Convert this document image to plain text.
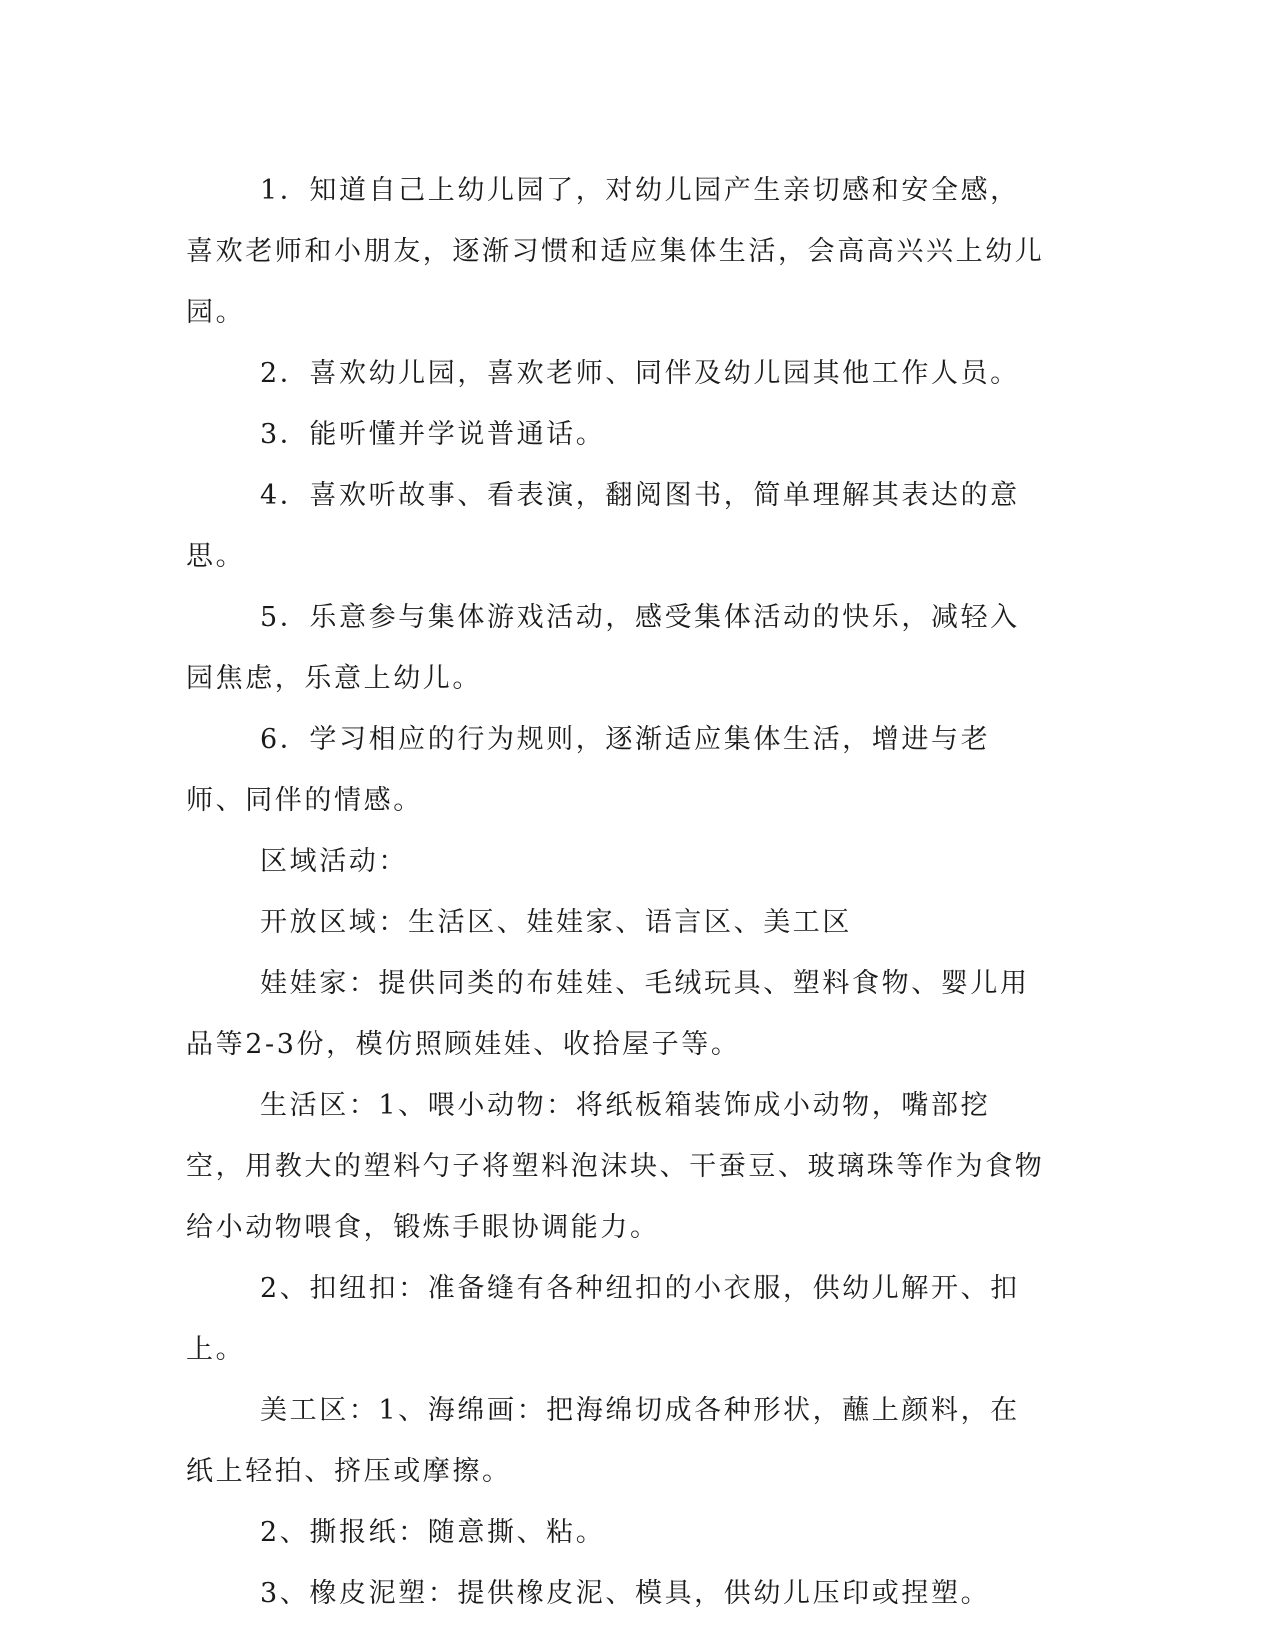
1．知道自己上幼儿园了，对幼儿园产生亲切感和安全感，喜欢老师和小朋友，逐渐习惯和适应集体生活，会高高兴兴上幼儿园。

2．喜欢幼儿园，喜欢老师、同伴及幼儿园其他工作人员。

3．能听懂并学说普通话。

4．喜欢听故事、看表演，翻阅图书，简单理解其表达的意思。

5．乐意参与集体游戏活动，感受集体活动的快乐，减轻入园焦虑，乐意上幼儿。

6．学习相应的行为规则，逐渐适应集体生活，增进与老师、同伴的情感。

区域活动：

开放区域：生活区、娃娃家、语言区、美工区

娃娃家：提供同类的布娃娃、毛绒玩具、塑料食物、婴儿用品等2-3份，模仿照顾娃娃、收拾屋子等。

生活区：1、喂小动物：将纸板箱装饰成小动物，嘴部挖空，用教大的塑料勺子将塑料泡沫块、干蚕豆、玻璃珠等作为食物给小动物喂食，锻炼手眼协调能力。

2、扣纽扣：准备缝有各种纽扣的小衣服，供幼儿解开、扣上。

美工区：1、海绵画：把海绵切成各种形状，蘸上颜料，在纸上轻拍、挤压或摩擦。

2、撕报纸：随意撕、粘。

3、橡皮泥塑：提供橡皮泥、模具，供幼儿压印或捏塑。
